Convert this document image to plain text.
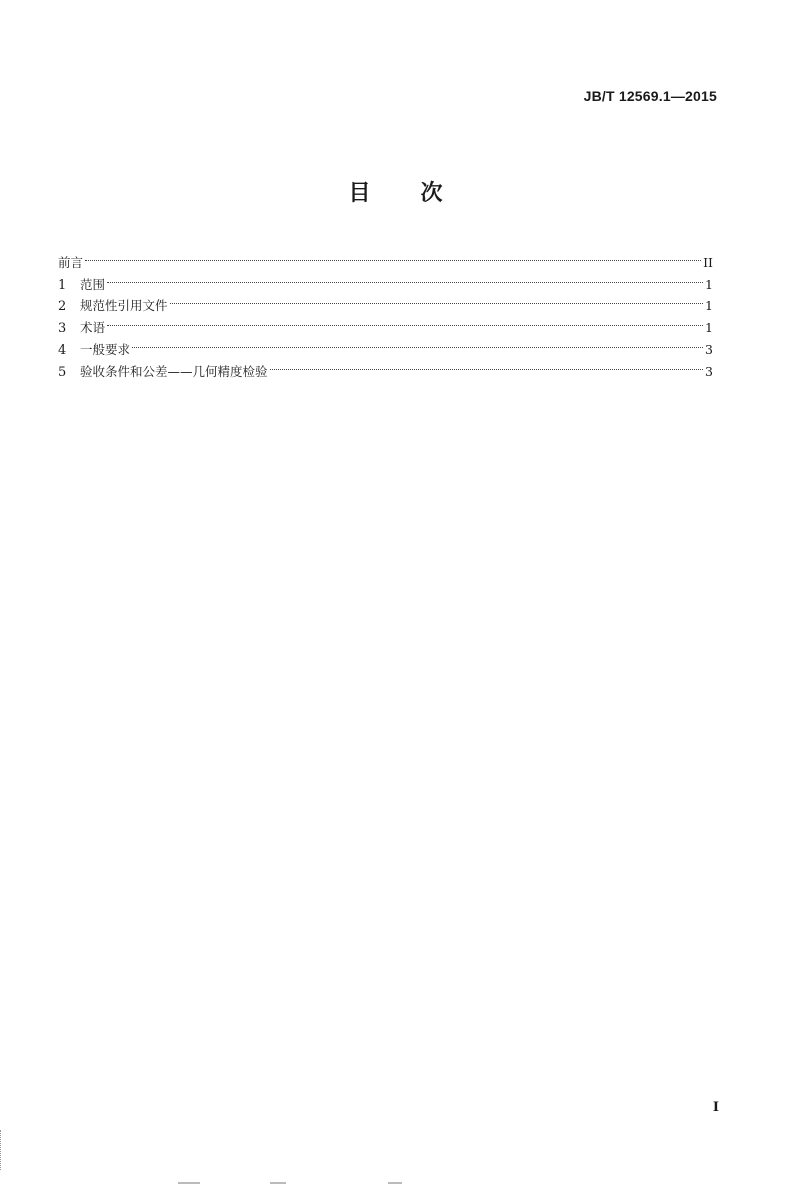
JB/T 12569.1—2015
目 次
前言	II
1	范围	1
2	规范性引用文件	1
3	术语	1
4	一般要求	3
5	验收条件和公差——几何精度检验	3
I
